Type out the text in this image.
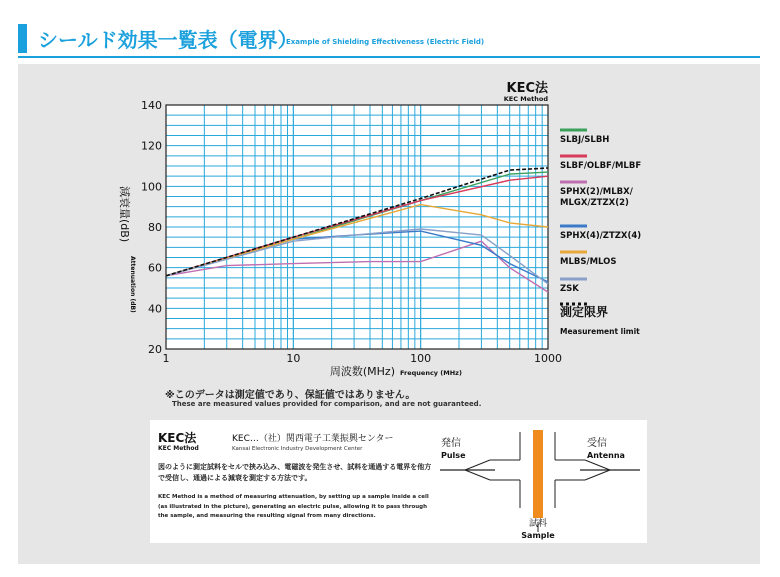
シールド効果一覧表（電界）
Example of Shielding Effectiveness (Electric Field)
KEC法
KEC Method
20
40
60
80
100
120
140
1	10	100	1000
周波数(MHz) Frequency (MHz)
減衰量(dB)
Attenuation (dB)
SLBJ/SLBH
SLBF/OLBF/MLBF
SPHX(2)/MLBX/
MLGX/ZTZX(2)
SPHX(4)/ZTZX(4)
MLBS/MLOS
ZSK
測定限界
Measurement limit
※このデータは測定値であり、保証値ではありません。
These are measured values provided for comparison, and are not guaranteed.
KEC法
KEC Method
KEC…（社）関西電子工業振興センター
Kansai Electronic Industry Development Center
図のように測定試料をセルで挟み込み、電磁波を発生させ、試料を通過する電界を他方で受信し、通過による減衰を測定する方法です。
KEC Method is a method of measuring attenuation, by setting up a sample inside a cell (as illustrated in the picture), generating an electric pulse, allowing it to pass through the sample, and measuring the resulting signal from many directions.
発信
Pulse
受信
Antenna
試料
Sample
